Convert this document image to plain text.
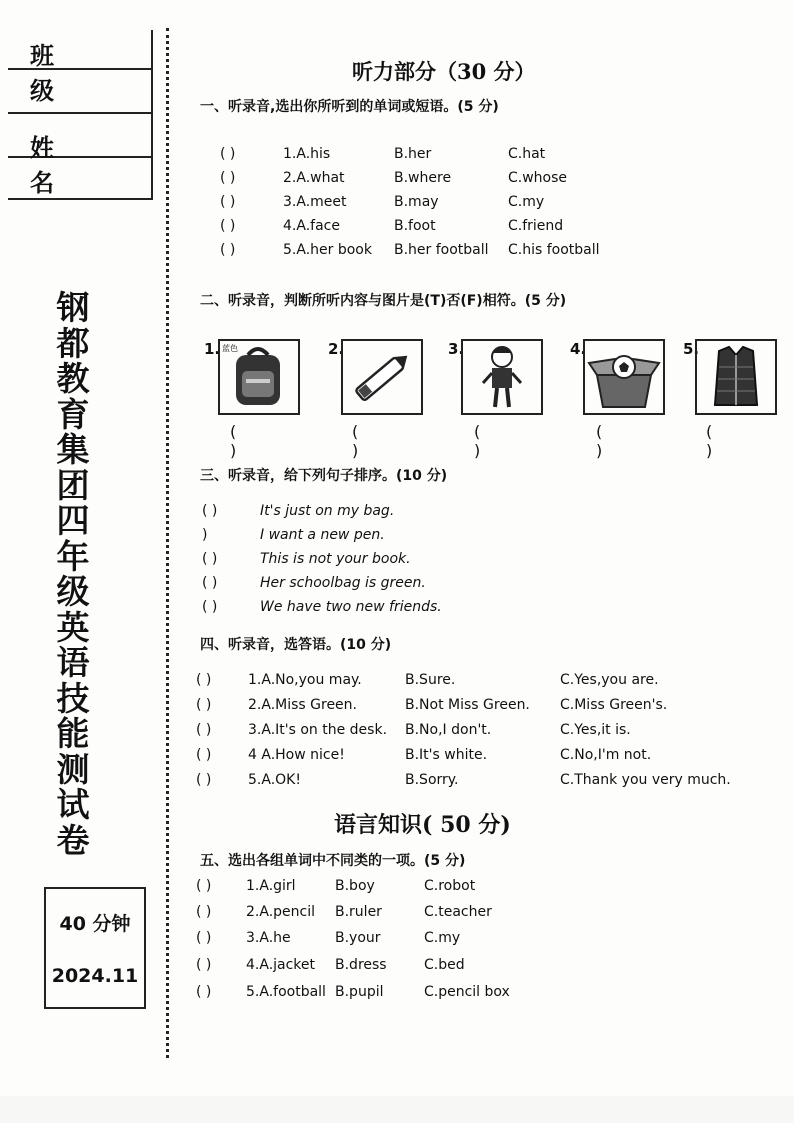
班 级
姓 名
钢
都
教
育
集
团
四
年
级
英
语
技
能
测
试
卷
40 分钟
2024.11
听力部分（30 分）
一、听录音,选出你所听到的单词或短语。(5 分)
( )	1.A.his	B.her	C.hat
( )	2.A.what	B.where	C.whose
( )	3.A.meet	B.may	C.my
( )	4.A.face	B.foot	C.friend
( )	5.A.her book B.her football C.his football
二、听录音，判断所听内容与图片是(T)否(F)相符。(5 分)
1. 蓝色	2.	3.	4.	5.
( )
( )
( )
( )
( )
三、听录音，给下列句子排序。(10 分)
( )	It's just on my bag.
)	I want a new pen.
( )	This is not your book.
( )	Her schoolbag is green.
( )	We have two new friends.
四、听录音，选答语。(10 分)
( )	1.A.No,you may.	B.Sure.	C.Yes,you are.
( )	2.A.Miss Green.	B.Not Miss Green. C.Miss Green's.
( )	3.A.It's on the desk. B.No,I don't.	C.Yes,it is.
( )	4 A.How nice!	B.It's white.	C.No,I'm not.
( )	5.A.OK!	B.Sorry.	C.Thank you very much.
语言知识( 50 分)
五、选出各组单词中不同类的一项。(5 分)
( ) 1.A.girl	B.boy	C.robot
( ) 2.A.pencil B.ruler	C.teacher
( ) 3.A.he	B.your	C.my
( ) 4.A.jacket B.dress	C.bed
( ) 5.A.football B.pupil	C.pencil box
